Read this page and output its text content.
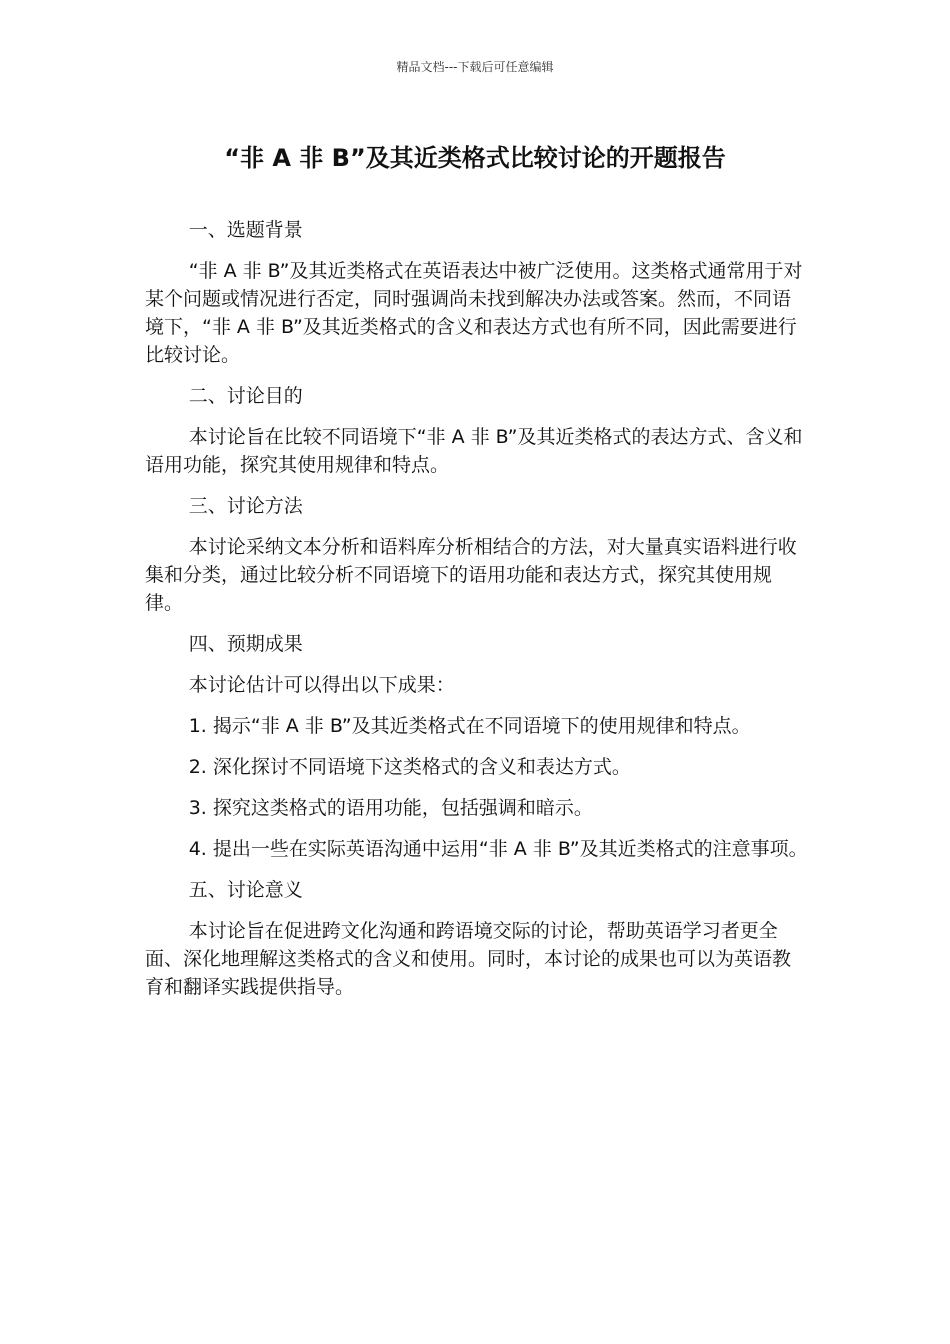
精品文档---下载后可任意编辑
“非 A 非 B”及其近类格式比较讨论的开题报告

一、选题背景

“非 A 非 B”及其近类格式在英语表达中被广泛使用。这类格式通常用于对某个问题或情况进行否定，同时强调尚未找到解决办法或答案。然而，不同语境下，“非 A 非 B”及其近类格式的含义和表达方式也有所不同，因此需要进行比较讨论。

二、讨论目的

本讨论旨在比较不同语境下“非 A 非 B”及其近类格式的表达方式、含义和语用功能，探究其使用规律和特点。

三、讨论方法

本讨论采纳文本分析和语料库分析相结合的方法，对大量真实语料进行收集和分类，通过比较分析不同语境下的语用功能和表达方式，探究其使用规律。

四、预期成果

本讨论估计可以得出以下成果：

1. 揭示“非 A 非 B”及其近类格式在不同语境下的使用规律和特点。

2. 深化探讨不同语境下这类格式的含义和表达方式。

3. 探究这类格式的语用功能，包括强调和暗示。

4. 提出一些在实际英语沟通中运用“非 A 非 B”及其近类格式的注意事项。

五、讨论意义

本讨论旨在促进跨文化沟通和跨语境交际的讨论，帮助英语学习者更全面、深化地理解这类格式的含义和使用。同时，本讨论的成果也可以为英语教育和翻译实践提供指导。
